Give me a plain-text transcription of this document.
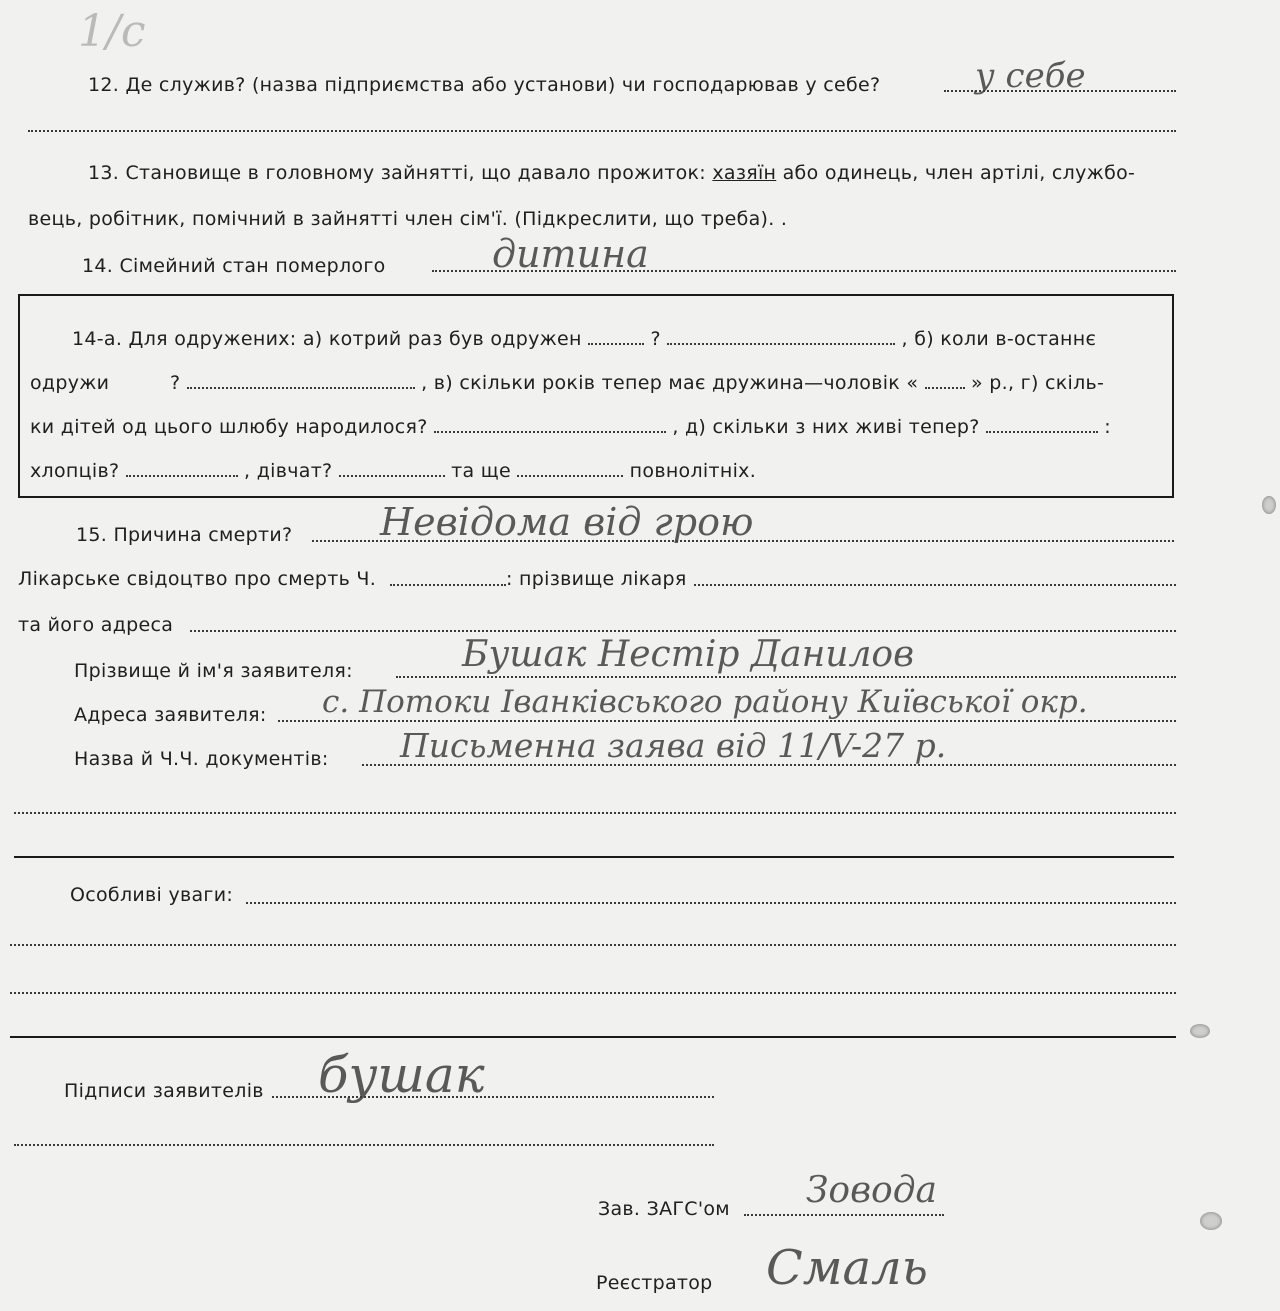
1/c
12. Де служив? (назва підприємства або установи) чи господарював у себе?	у себе
13. Становище в головному зайнятті, що давало прожиток: хазяїн або одинець, член артілі, службо-
вець, робітник, помічний в зайнятті член сім'ї. (Підкреслити, що треба). .
14. Сімейний стан померлого	дитина
14-а. Для одружених: а) котрий раз був одружен	?	, б) коли в-останнє
одружи	?	, в) скільки років тепер має дружина—чоловік «	» р., г) скіль-
ки дітей од цього шлюбу народилося?	, д) скільки з них живі тепер?	:
хлопців?	, дівчат?	та ще	повнолітніх.
15. Причина смерти? Невідома від грою
Лікарське свідоцтво про смерть Ч.	: прізвище лікаря
та його адреса
Прізвище й ім'я заявителя:	Бушак Нестір Данилов
Адреса заявителя: с. Потоки Іванківського району Київської окр.
Назва й Ч.Ч. документів: Письменна заява від 11/V-27 р.
Особливі уваги:
Підписи заявителів бушак
Зав. ЗАГС'ом Зовода
Реєстратор Смаль
